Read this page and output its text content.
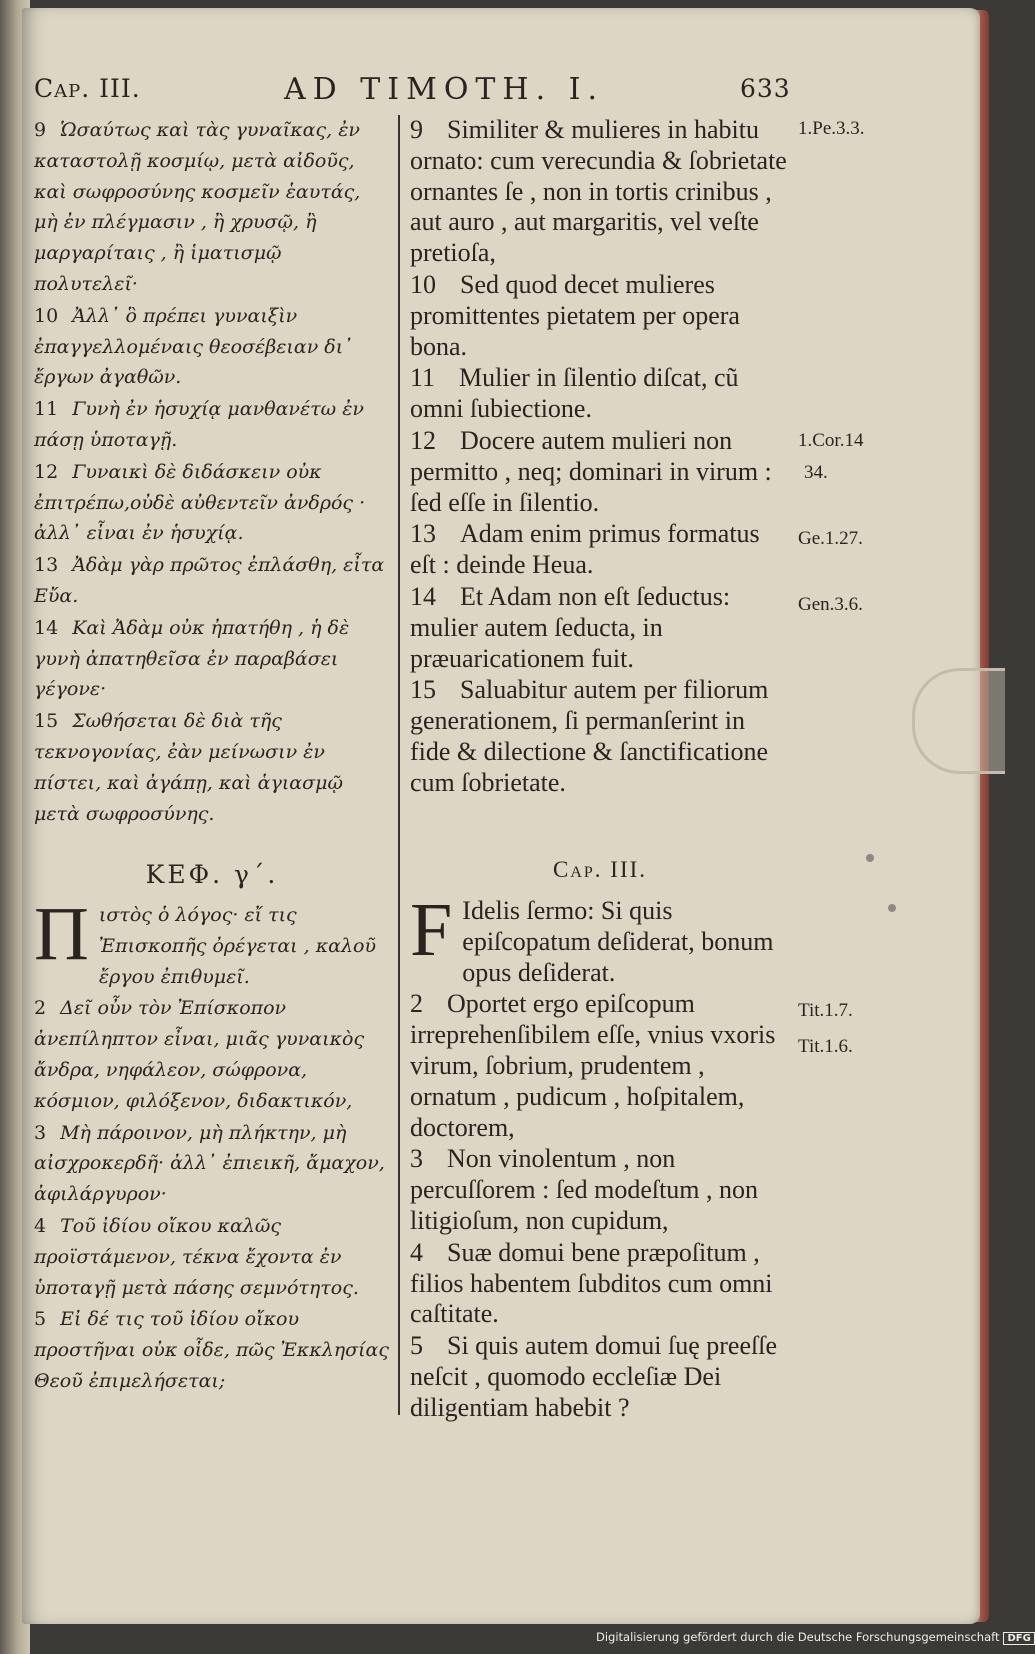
Cap. III.	AD TIMOTH. I.	633

9 Ὡσαύτως καὶ τὰς γυναῖκας, ἐν καταστολῇ κοσμίῳ, μετὰ αἰδοῦς, καὶ σωφροσύνης κοσμεῖν ἑαυτάς, μὴ ἐν πλέγμασιν , ἢ χρυσῷ, ἢ μαργαρίταις , ἢ ἱματισμῷ πολυτελεῖ·

10 Ἀλλ᾽ ὃ πρέπει γυναιξὶν ἐπαγγελλομέναις θεοσέβειαν δι᾽ ἔργων ἀγαθῶν.

11 Γυνὴ ἐν ἡσυχίᾳ μανθανέτω ἐν πάσῃ ὑποταγῇ.

12 Γυναικὶ δὲ διδάσκειν οὐκ ἐπιτρέπω,οὐδὲ αὐθεντεῖν ἀνδρός · ἀλλ᾽ εἶναι ἐν ἡσυχίᾳ.

13 Ἀδὰμ γὰρ πρῶτος ἐπλάσθη, εἶτα Εὔα.

14 Καὶ Ἀδὰμ οὐκ ἠπατήθη , ἡ δὲ γυνὴ ἀπατηθεῖσα ἐν παραβάσει γέγονε·

15 Σωθήσεται δὲ διὰ τῆς τεκνογονίας, ἐὰν μείνωσιν ἐν πίστει, καὶ ἀγάπῃ, καὶ ἁγιασμῷ μετὰ σωφροσύνης.

9 Similiter & mulieres in habitu ornato: cum verecundia & ſobrietate ornantes ſe , non in tortis crinibus , aut auro , aut margaritis, vel veſte pretioſa,

10 Sed quod decet mulieres promittentes pietatem per opera bona.

11 Mulier in ſilentio diſcat, cũ omni ſubiectione.

12 Docere autem mulieri non permitto , neq; dominari in virum : ſed eſſe in ſilentio.

13 Adam enim primus formatus eſt : deinde Heua.

14 Et Adam non eſt ſeductus: mulier autem ſeducta, in præuaricationem fuit.

15 Saluabitur autem per filiorum generationem, ſi permanſerint in fide & dilectione & ſanctificatione cum ſobrietate.

ΚΕΦ. γ΄.	Cap. III.

Πιστὸς ὁ λόγος· εἴ τις Ἐπισκοπῆς ὀρέγεται , καλοῦ ἔργου ἐπιθυμεῖ.

2 Δεῖ οὖν τὸν Ἐπίσκοπον ἀνεπίληπτον εἶναι, μιᾶς γυναικὸς ἄνδρα, νηφάλεον, σώφρονα, κόσμιον, φιλόξενον, διδακτικόν,

3 Μὴ πάροινον, μὴ πλήκτην, μὴ αἰσχροκερδῆ· ἀλλ᾽ ἐπιεικῆ, ἄμαχον, ἀφιλάργυρον·

4 Τοῦ ἰδίου οἴκου καλῶς προϊστάμενον, τέκνα ἔχοντα ἐν ὑποταγῇ μετὰ πάσης σεμνότητος.

5 Εἰ δέ τις τοῦ ἰδίου οἴκου προστῆναι οὐκ οἶδε, πῶς Ἐκκλησίας Θεοῦ ἐπιμελήσεται;

F Idelis ſermo: Si quis epiſcopatum deſiderat, bonum opus deſiderat.

2 Oportet ergo epiſcopum irreprehenſibilem eſſe, vnius vxoris virum, ſobrium, prudentem , ornatum , pudicum , hoſpitalem, doctorem,

3 Non vinolentum , non percuſſorem : ſed modeſtum , non litigioſum, non cupidum,

4 Suæ domui bene præpoſitum , filios habentem ſubditos cum omni caſtitate.

5 Si quis autem domui ſuę preeſſe neſcit , quomodo eccleſiæ Dei diligentiam habebit ?

1.Pe.3.3.
1.Cor.14
34.
Ge.1.27.
Gen.3.6.
Tit.1.7.
Tit.1.6.
Digitalisierung gefördert durch die Deutsche Forschungsgemeinschaft DFG
